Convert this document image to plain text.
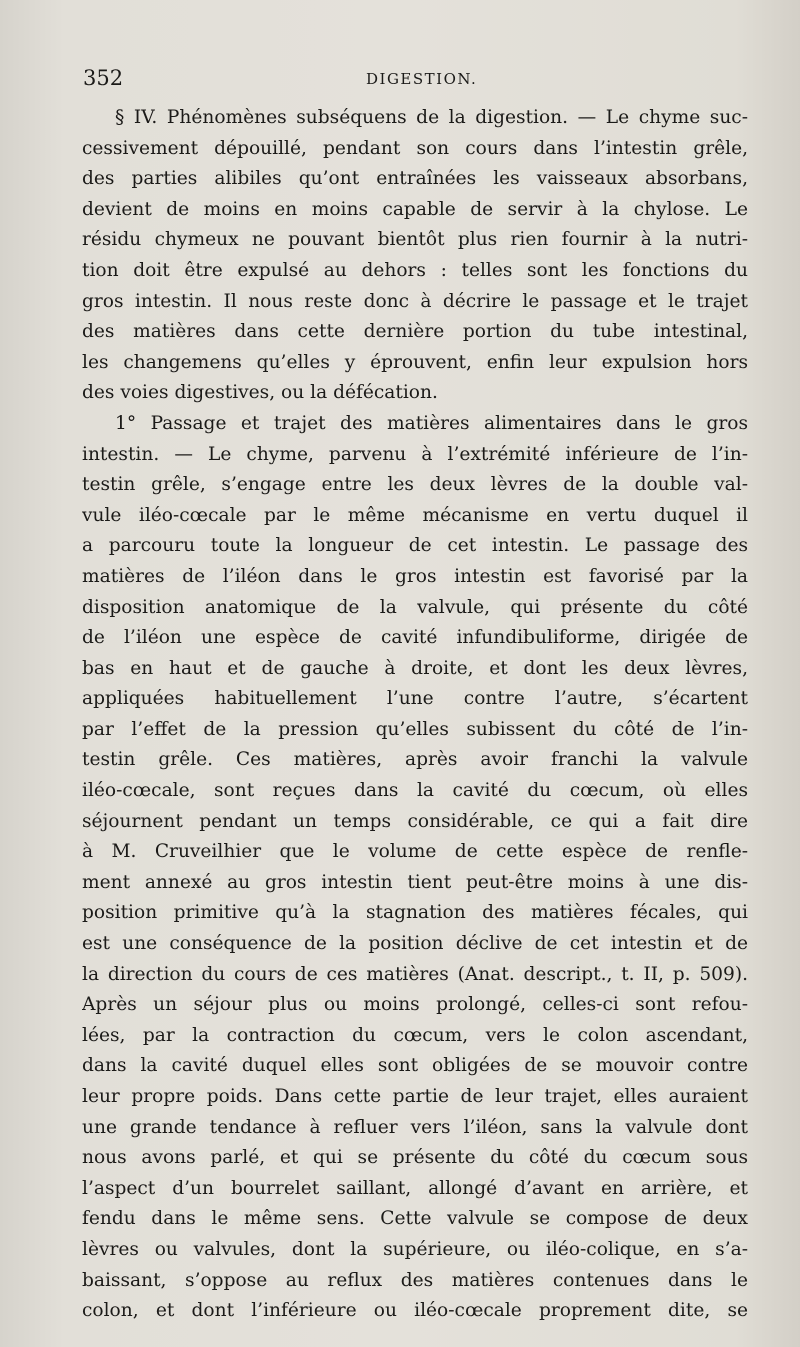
352	DIGESTION.
§ IV. Phénomènes subséquens de la digestion. — Le chyme suc-
cessivement dépouillé, pendant son cours dans l’intestin grêle,
des parties alibiles qu’ont entraînées les vaisseaux absorbans,
devient de moins en moins capable de servir à la chylose. Le
résidu chymeux ne pouvant bientôt plus rien fournir à la nutri-
tion doit être expulsé au dehors : telles sont les fonctions du
gros intestin. Il nous reste donc à décrire le passage et le trajet
des matières dans cette dernière portion du tube intestinal,
les changemens qu’elles y éprouvent, enfin leur expulsion hors
des voies digestives, ou la défécation.
1° Passage et trajet des matières alimentaires dans le gros
intestin. — Le chyme, parvenu à l’extrémité inférieure de l’in-
testin grêle, s’engage entre les deux lèvres de la double val-
vule iléo-cœcale par le même mécanisme en vertu duquel il
a parcouru toute la longueur de cet intestin. Le passage des
matières de l’iléon dans le gros intestin est favorisé par la
disposition anatomique de la valvule, qui présente du côté
de l’iléon une espèce de cavité infundibuliforme, dirigée de
bas en haut et de gauche à droite, et dont les deux lèvres,
appliquées habituellement l’une contre l’autre, s’écartent
par l’effet de la pression qu’elles subissent du côté de l’in-
testin grêle. Ces matières, après avoir franchi la valvule
iléo-cœcale, sont reçues dans la cavité du cœcum, où elles
séjournent pendant un temps considérable, ce qui a fait dire
à M. Cruveilhier que le volume de cette espèce de renfle-
ment annexé au gros intestin tient peut-être moins à une dis-
position primitive qu’à la stagnation des matières fécales, qui
est une conséquence de la position déclive de cet intestin et de
la direction du cours de ces matières (Anat. descript., t. II, p. 509).
Après un séjour plus ou moins prolongé, celles-ci sont refou-
lées, par la contraction du cœcum, vers le colon ascendant,
dans la cavité duquel elles sont obligées de se mouvoir contre
leur propre poids. Dans cette partie de leur trajet, elles auraient
une grande tendance à refluer vers l’iléon, sans la valvule dont
nous avons parlé, et qui se présente du côté du cœcum sous
l’aspect d’un bourrelet saillant, allongé d’avant en arrière, et
fendu dans le même sens. Cette valvule se compose de deux
lèvres ou valvules, dont la supérieure, ou iléo-colique, en s’a-
baissant, s’oppose au reflux des matières contenues dans le
colon, et dont l’inférieure ou iléo-cœcale proprement dite, se
